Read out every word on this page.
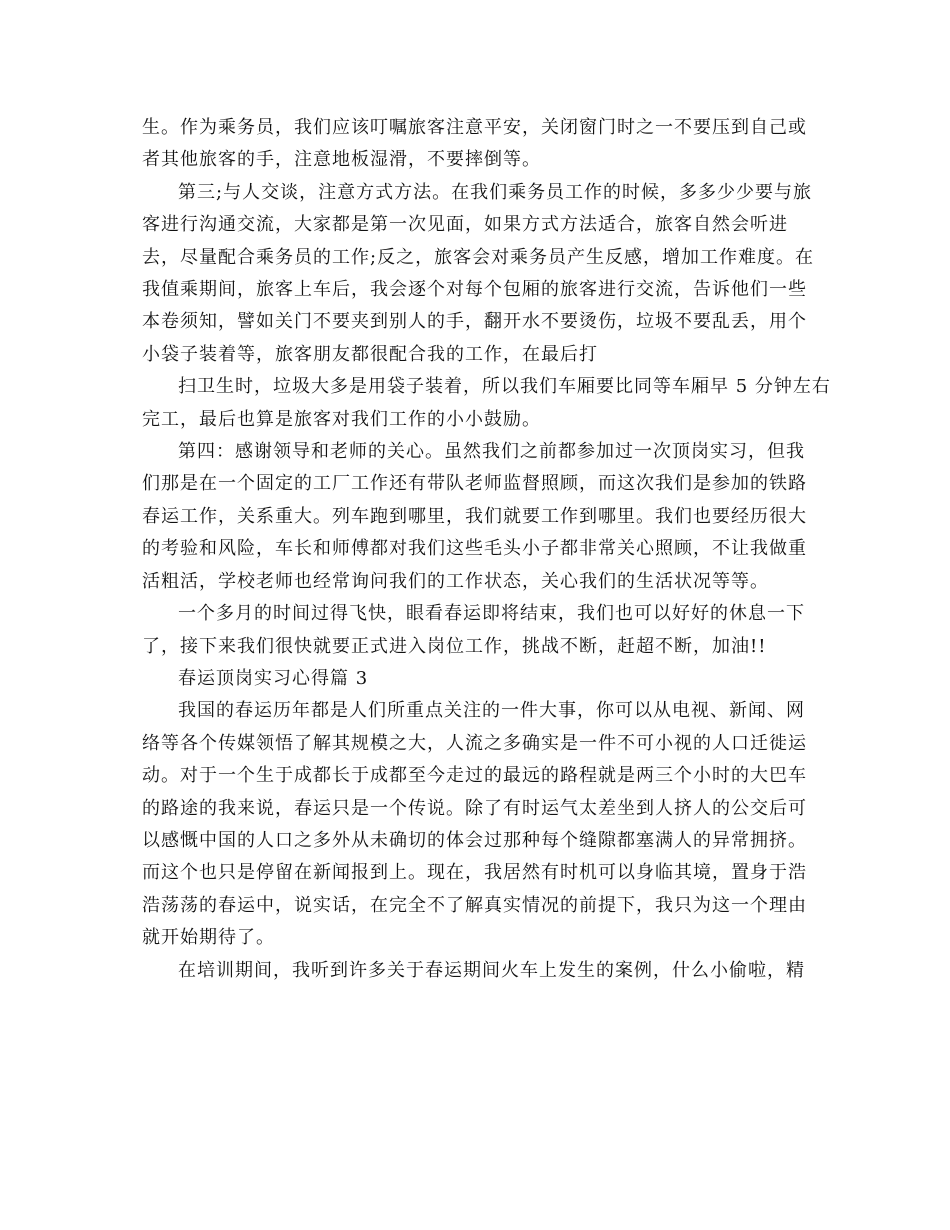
生。作为乘务员，我们应该叮嘱旅客注意平安，关闭窗门时之一不要压到自己或
者其他旅客的手，注意地板湿滑，不要摔倒等。
第三;与人交谈，注意方式方法。在我们乘务员工作的时候，多多少少要与旅
客进行沟通交流，大家都是第一次见面，如果方式方法适合，旅客自然会听进
去，尽量配合乘务员的工作;反之，旅客会对乘务员产生反感，增加工作难度。在
我值乘期间，旅客上车后，我会逐个对每个包厢的旅客进行交流，告诉他们一些
本卷须知，譬如关门不要夹到别人的手，翻开水不要烫伤，垃圾不要乱丢，用个
小袋子装着等，旅客朋友都很配合我的工作，在最后打
扫卫生时，垃圾大多是用袋子装着，所以我们车厢要比同等车厢早 5 分钟左右
完工，最后也算是旅客对我们工作的小小鼓励。
第四：感谢领导和老师的关心。虽然我们之前都参加过一次顶岗实习，但我
们那是在一个固定的工厂工作还有带队老师监督照顾，而这次我们是参加的铁路
春运工作，关系重大。列车跑到哪里，我们就要工作到哪里。我们也要经历很大
的考验和风险，车长和师傅都对我们这些毛头小子都非常关心照顾，不让我做重
活粗活，学校老师也经常询问我们的工作状态，关心我们的生活状况等等。
一个多月的时间过得飞快，眼看春运即将结束，我们也可以好好的休息一下
了，接下来我们很快就要正式进入岗位工作，挑战不断，赶超不断，加油!!
春运顶岗实习心得篇 3
我国的春运历年都是人们所重点关注的一件大事，你可以从电视、新闻、网
络等各个传媒领悟了解其规模之大，人流之多确实是一件不可小视的人口迁徙运
动。对于一个生于成都长于成都至今走过的最远的路程就是两三个小时的大巴车
的路途的我来说，春运只是一个传说。除了有时运气太差坐到人挤人的公交后可
以感慨中国的人口之多外从未确切的体会过那种每个缝隙都塞满人的异常拥挤。
而这个也只是停留在新闻报到上。现在，我居然有时机可以身临其境，置身于浩
浩荡荡的春运中，说实话，在完全不了解真实情况的前提下，我只为这一个理由
就开始期待了。
在培训期间，我听到许多关于春运期间火车上发生的案例，什么小偷啦，精
